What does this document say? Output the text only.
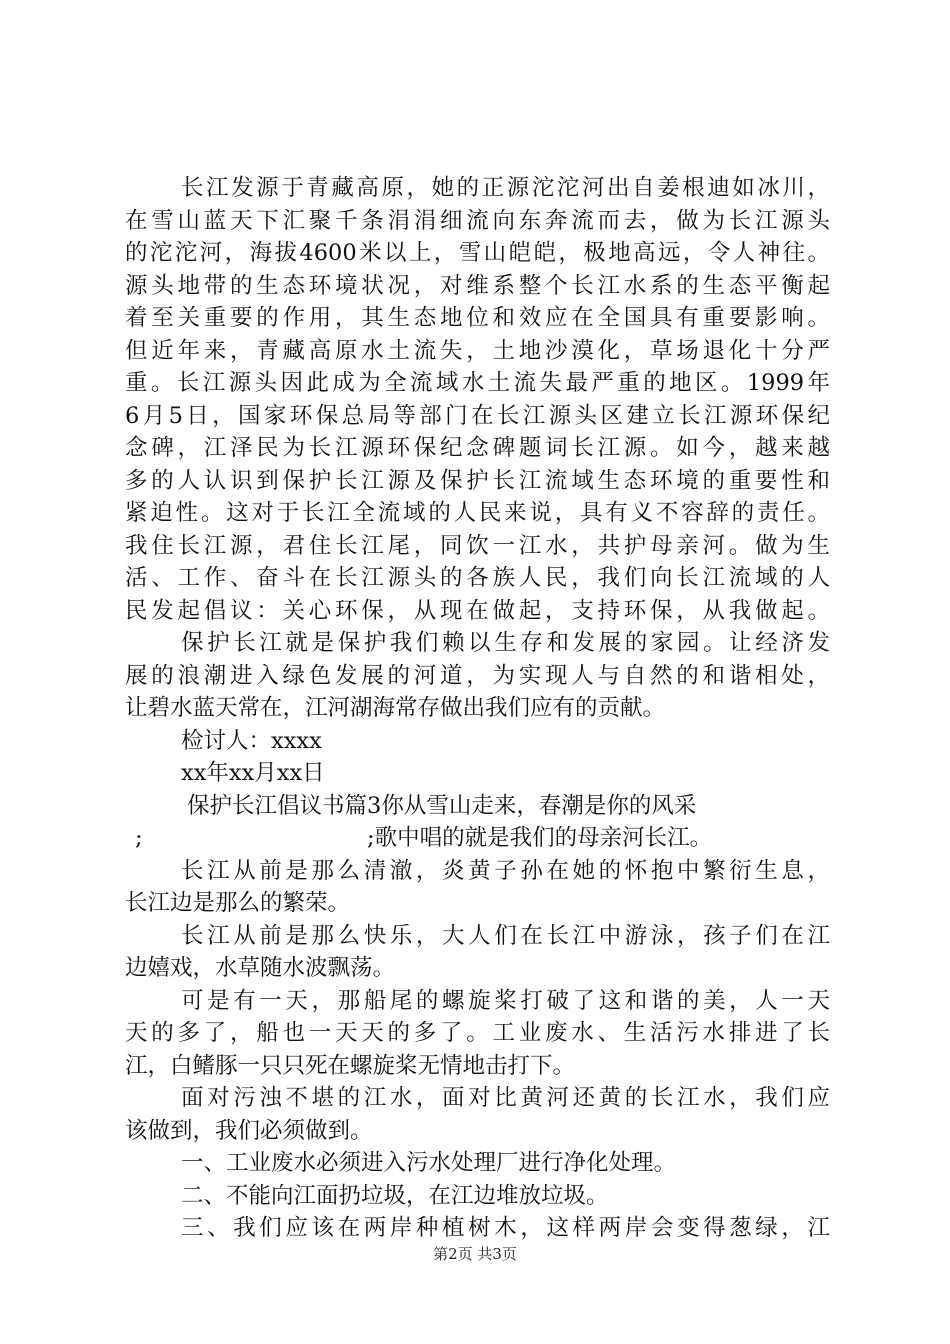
长江发源于青藏高原，她的正源沱沱河出自姜根迪如冰川，
在雪山蓝天下汇聚千条涓涓细流向东奔流而去，做为长江源头
的沱沱河，海拔4600米以上，雪山皑皑，极地高远，令人神往。
源头地带的生态环境状况，对维系整个长江水系的生态平衡起
着至关重要的作用，其生态地位和效应在全国具有重要影响。
但近年来，青藏高原水土流失，土地沙漠化，草场退化十分严
重。长江源头因此成为全流域水土流失最严重的地区。1999年
6月5日，国家环保总局等部门在长江源头区建立长江源环保纪
念碑，江泽民为长江源环保纪念碑题词长江源。如今，越来越
多的人认识到保护长江源及保护长江流域生态环境的重要性和
紧迫性。这对于长江全流域的人民来说，具有义不容辞的责任。
我住长江源，君住长江尾，同饮一江水，共护母亲河。做为生
活、工作、奋斗在长江源头的各族人民，我们向长江流域的人
民发起倡议：关心环保，从现在做起，支持环保，从我做起。
保护长江就是保护我们赖以生存和发展的家园。让经济发
展的浪潮进入绿色发展的河道，为实现人与自然的和谐相处，
让碧水蓝天常在，江河湖海常存做出我们应有的贡献。
检讨人：xxxx
xx年xx月xx日
保护长江倡议书篇3你从雪山走来，春潮是你的风采
;	;歌中唱的就是我们的母亲河长江。
长江从前是那么清澈，炎黄子孙在她的怀抱中繁衍生息，
长江边是那么的繁荣。
长江从前是那么快乐，大人们在长江中游泳，孩子们在江
边嬉戏，水草随水波飘荡。
可是有一天，那船尾的螺旋桨打破了这和谐的美，人一天
天的多了，船也一天天的多了。工业废水、生活污水排进了长
江，白鳍豚一只只死在螺旋桨无情地击打下。
面对污浊不堪的江水，面对比黄河还黄的长江水，我们应
该做到，我们必须做到。
一、工业废水必须进入污水处理厂进行净化处理。
二、不能向江面扔垃圾，在江边堆放垃圾。
三、我们应该在两岸种植树木，这样两岸会变得葱绿，江
第2页 共3页
